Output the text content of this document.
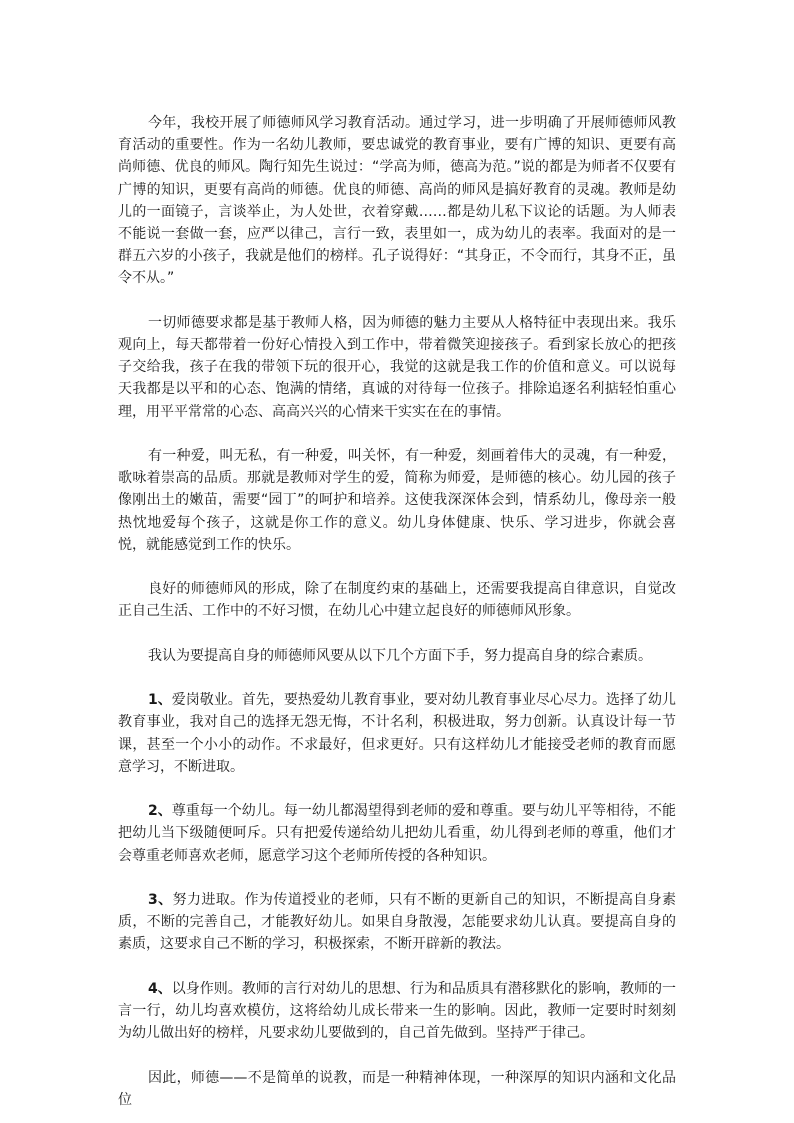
今年，我校开展了师德师风学习教育活动。通过学习，进一步明确了开展师德师风教育活动的重要性。作为一名幼儿教师，要忠诚党的教育事业，要有广博的知识、更要有高尚师德、优良的师风。陶行知先生说过：“学高为师，德高为范。”说的都是为师者不仅要有广博的知识，更要有高尚的师德。优良的师德、高尚的师风是搞好教育的灵魂。教师是幼儿的一面镜子，言谈举止，为人处世，衣着穿戴……都是幼儿私下议论的话题。为人师表不能说一套做一套，应严以律己，言行一致，表里如一，成为幼儿的表率。我面对的是一群五六岁的小孩子，我就是他们的榜样。孔子说得好：“其身正，不令而行，其身不正，虽令不从。”

一切师德要求都是基于教师人格，因为师德的魅力主要从人格特征中表现出来。我乐观向上，每天都带着一份好心情投入到工作中，带着微笑迎接孩子。看到家长放心的把孩子交给我，孩子在我的带领下玩的很开心，我觉的这就是我工作的价值和意义。可以说每天我都是以平和的心态、饱满的情绪，真诚的对待每一位孩子。排除追逐名利掂轻怕重心理，用平平常常的心态、高高兴兴的心情来干实实在在的事情。

有一种爱，叫无私，有一种爱，叫关怀，有一种爱，刻画着伟大的灵魂，有一种爱，歌咏着崇高的品质。那就是教师对学生的爱，简称为师爱，是师德的核心。幼儿园的孩子像刚出土的嫩苗，需要“园丁”的呵护和培养。这使我深深体会到，情系幼儿，像母亲一般热忱地爱每个孩子，这就是你工作的意义。幼儿身体健康、快乐、学习进步，你就会喜悦，就能感觉到工作的快乐。

良好的师德师风的形成，除了在制度约束的基础上，还需要我提高自律意识，自觉改正自己生活、工作中的不好习惯，在幼儿心中建立起良好的师德师风形象。

我认为要提高自身的师德师风要从以下几个方面下手，努力提高自身的综合素质。

1、爱岗敬业。首先，要热爱幼儿教育事业，要对幼儿教育事业尽心尽力。选择了幼儿教育事业，我对自己的选择无怨无悔，不计名利，积极进取，努力创新。认真设计每一节课，甚至一个小小的动作。不求最好，但求更好。只有这样幼儿才能接受老师的教育而愿意学习，不断进取。

2、尊重每一个幼儿。每一幼儿都渴望得到老师的爱和尊重。要与幼儿平等相待，不能把幼儿当下级随便呵斥。只有把爱传递给幼儿把幼儿看重，幼儿得到老师的尊重，他们才会尊重老师喜欢老师，愿意学习这个老师所传授的各种知识。

3、努力进取。作为传道授业的老师，只有不断的更新自己的知识，不断提高自身素质，不断的完善自己，才能教好幼儿。如果自身散漫，怎能要求幼儿认真。要提高自身的素质，这要求自己不断的学习，积极探索，不断开辟新的教法。

4、以身作则。教师的言行对幼儿的思想、行为和品质具有潜移默化的影响，教师的一言一行，幼儿均喜欢模仿，这将给幼儿成长带来一生的影响。因此，教师一定要时时刻刻为幼儿做出好的榜样，凡要求幼儿要做到的，自己首先做到。坚持严于律己。

因此，师德——不是简单的说教，而是一种精神体现，一种深厚的知识内涵和文化品位
